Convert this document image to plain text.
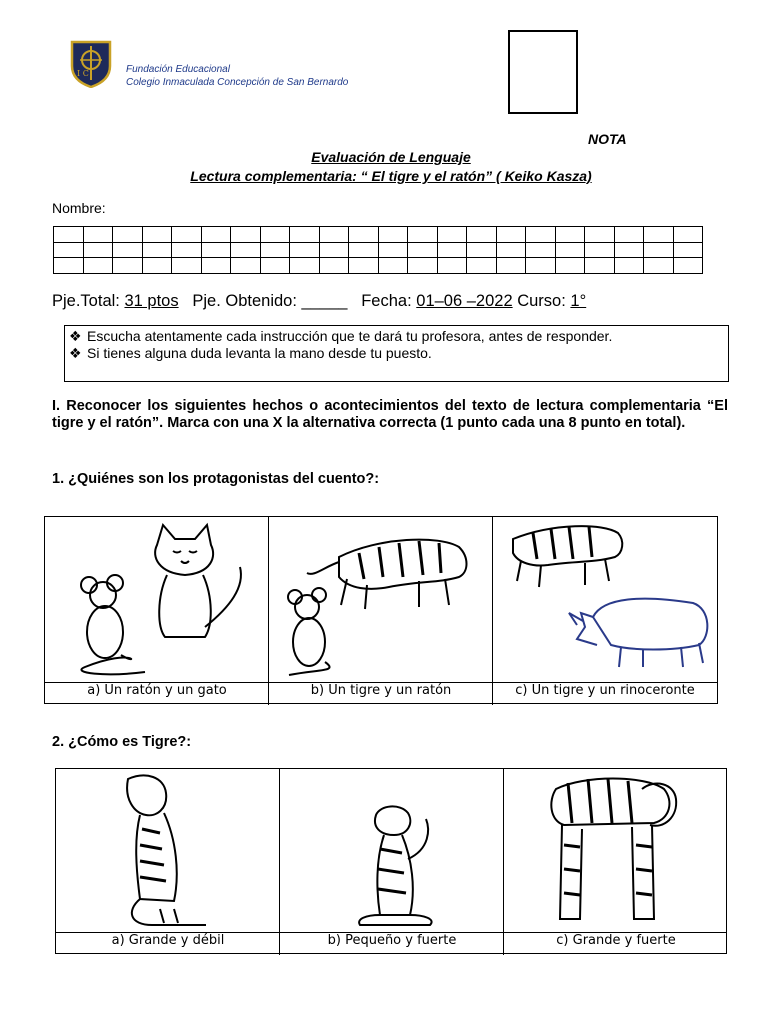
I C	Fundación Educacional
Colegio Inmaculada Concepción de San Bernardo
NOTA
Evaluación de Lenguaje
Lectura complementaria: “ El tigre y el ratón” ( Keiko Kasza)
Nombre:

Pje.Total: 31 ptos Pje. Obtenido: _____ Fecha: 01–06 –2022 Curso: 1°
❖ Escucha atentamente cada instrucción que te dará tu profesora, antes de responder.
❖ Si tienes alguna duda levanta la mano desde tu puesto.
I. Reconocer los siguientes hechos o acontecimientos del texto de lectura complementaria “El tigre y el ratón”. Marca con una X la alternativa correcta (1 punto cada una 8 punto en total).
1. ¿Quiénes son los protagonistas del cuento?:
a) Un ratón y un gato	b) Un tigre y un ratón	c) Un tigre y un rinoceronte
2. ¿Cómo es Tigre?:
a) Grande y débil	b) Pequeño y fuerte	c) Grande y fuerte
